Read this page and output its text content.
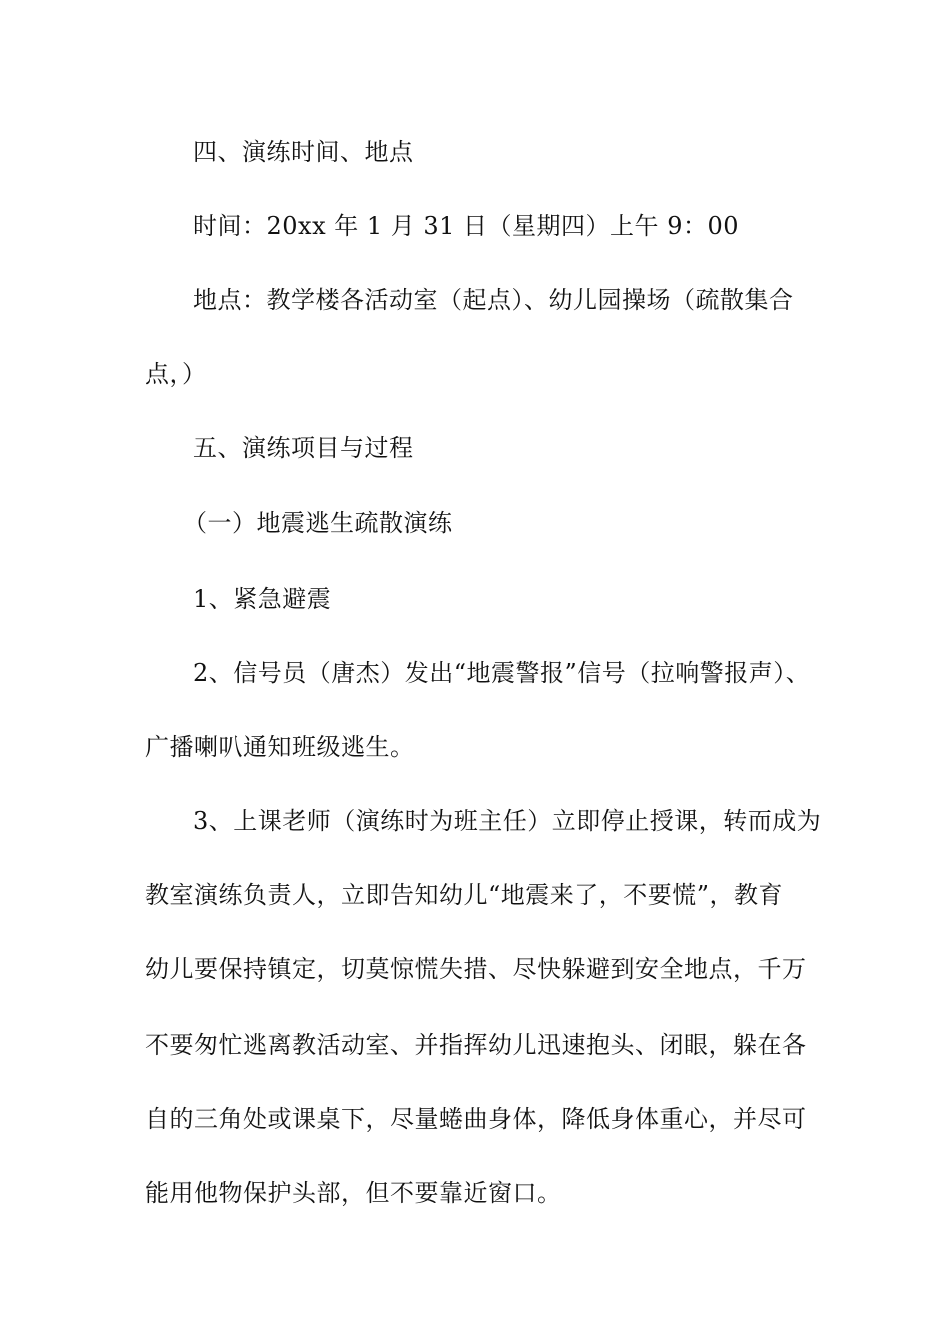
四、演练时间、地点
时间：20xx 年 1 月 31 日（星期四）上午 9：00
地点：教学楼各活动室（起点）、幼儿园操场（疏散集合
点，）
五、演练项目与过程
（一）地震逃生疏散演练
1、紧急避震
2、信号员（唐杰）发出“地震警报”信号（拉响警报声）、
广播喇叭通知班级逃生。
3、上课老师（演练时为班主任）立即停止授课，转而成为
教室演练负责人，立即告知幼儿“地震来了，不要慌”，教育
幼儿要保持镇定，切莫惊慌失措、尽快躲避到安全地点，千万
不要匆忙逃离教活动室、并指挥幼儿迅速抱头、闭眼，躲在各
自的三角处或课桌下，尽量蜷曲身体，降低身体重心，并尽可
能用他物保护头部，但不要靠近窗口。
